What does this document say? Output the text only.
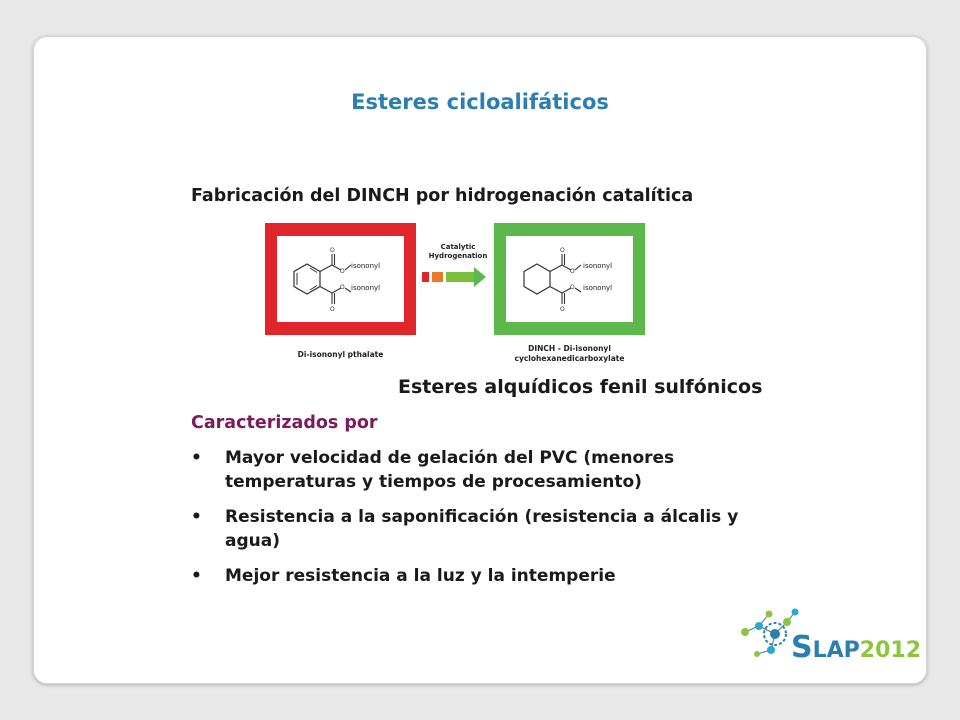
Esteres cicloalifáticos
Fabricación del DINCH por hidrogenación catalítica
O
O
O
O
isononyl
isononyl
Di-isononyl pthalate
Catalytic
Hydrogenation
O
O
O
O
isononyl
isononyl
DINCH - Di-isononyl
cyclohexanedicarboxylate
Esteres alquídicos fenil sulfónicos
Caracterizados por
• Mayor velocidad de gelación del PVC (menores temperaturas y tiempos de procesamiento)
• Resistencia a la saponificación (resistencia a álcalis y agua)
• Mejor resistencia a la luz y la intemperie
SLAP2012
